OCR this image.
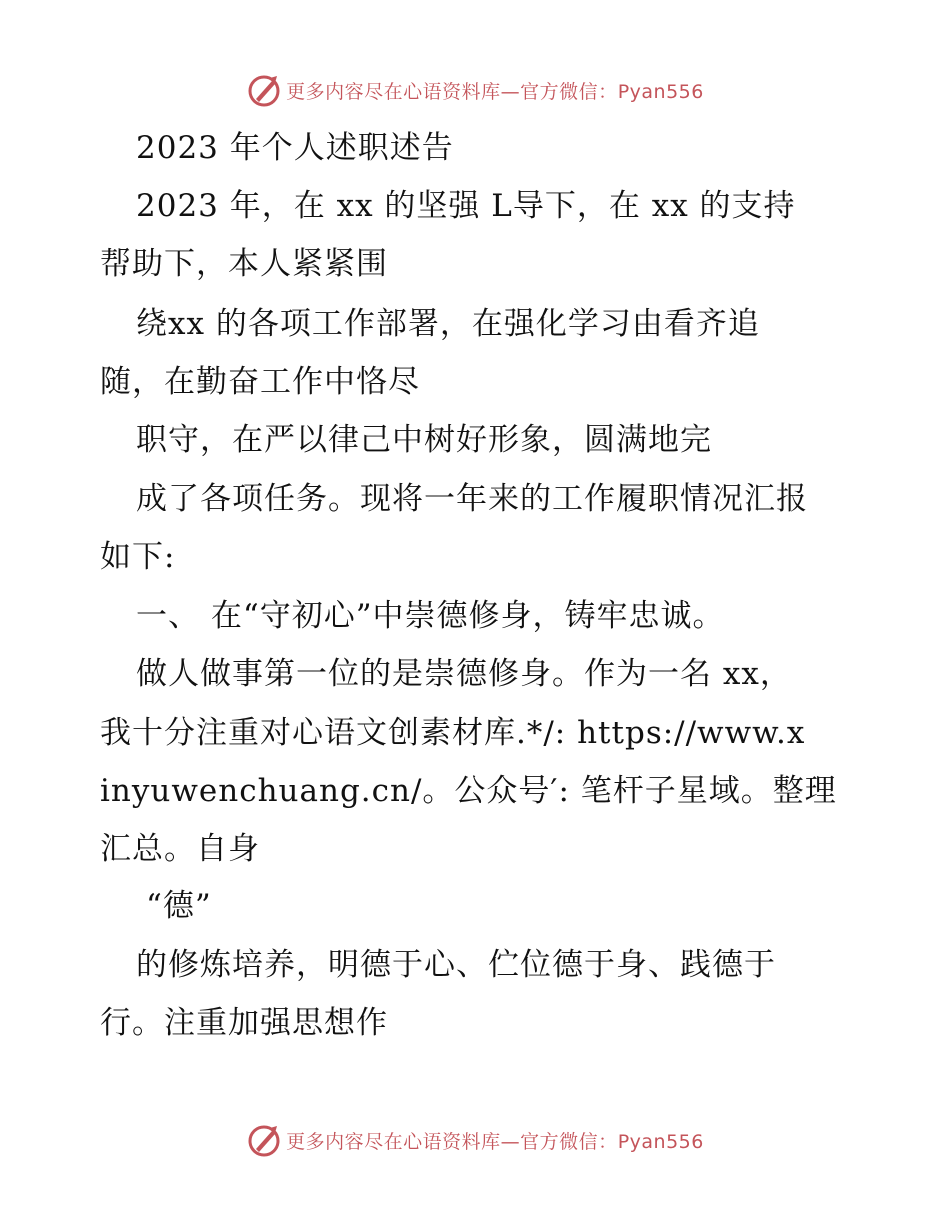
更多内容尽在心语资料库—官方微信：Pyan556
2023 年个人述职述告
2023 年，在 xx 的坚强 L导下，在 xx 的支持
帮助下，本人紧紧围
绕xx 的各项工作部署，在强化学习由看齐追
随，在勤奋工作中恪尽
职守，在严以律己中树好形象，圆满地完
成了各项任务。现将一年来的工作履职情况汇报
如下:
一、 在“守初心”中崇德修身，铸牢忠诚。
做人做事第一位的是崇德修身。作为一名 xx，
我十分注重对心语文创素材库.*/: https://www.x
inyuwenchuang.cn/。公众号′: 笔杆子星域。整理
汇总。自身
“德”
的修炼培养，明德于心、伫位德于身、践德于
行。注重加强思想作
更多内容尽在心语资料库—官方微信：Pyan556
